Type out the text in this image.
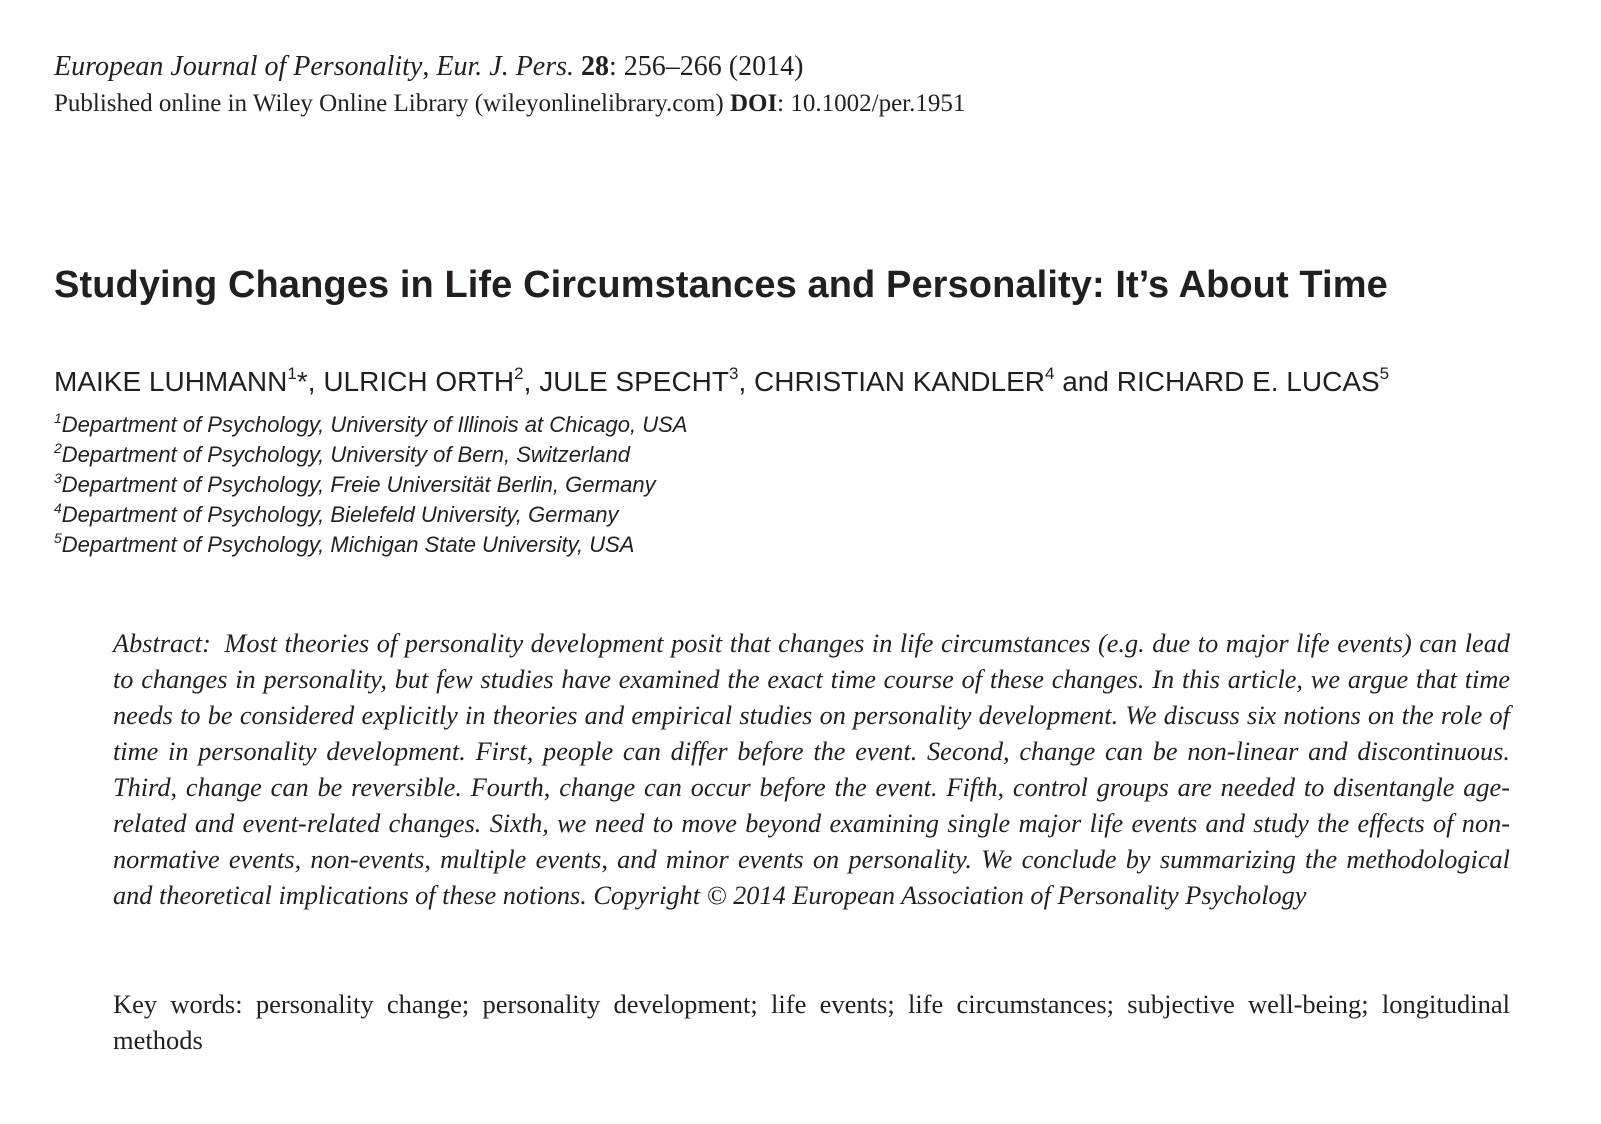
European Journal of Personality, Eur. J. Pers. 28: 256–266 (2014)
Published online in Wiley Online Library (wileyonlinelibrary.com) DOI: 10.1002/per.1951
Studying Changes in Life Circumstances and Personality: It’s About Time
MAIKE LUHMANN$^1$*, ULRICH ORTH$^2$, JULE SPECHT$^3$, CHRISTIAN KANDLER$^4$ and RICHARD E. LUCAS$^5$
$^1$Department of Psychology, University of Illinois at Chicago, USA
$^2$Department of Psychology, University of Bern, Switzerland
$^3$Department of Psychology, Freie Universität Berlin, Germany
$^4$Department of Psychology, Bielefeld University, Germany
$^5$Department of Psychology, Michigan State University, USA

Abstract: Most theories of personality development posit that changes in life circumstances (e.g. due to major life events) can lead to changes in personality, but few studies have examined the exact time course of these changes. In this article, we argue that time needs to be considered explicitly in theories and empirical studies on personality development. We discuss six notions on the role of time in personality development. First, people can differ before the event. Second, change can be non-linear and discontinuous. Third, change can be reversible. Fourth, change can occur before the event. Fifth, control groups are needed to disentangle age-related and event-related changes. Sixth, we need to move beyond examining single major life events and study the effects of non-normative events, non-events, multiple events, and minor events on personality. We conclude by summarizing the methodological and theoretical implications of these notions. Copyright © 2014 European Association of Personality Psychology

Key words: personality change; personality development; life events; life circumstances; subjective well-being; longitudinal methods
